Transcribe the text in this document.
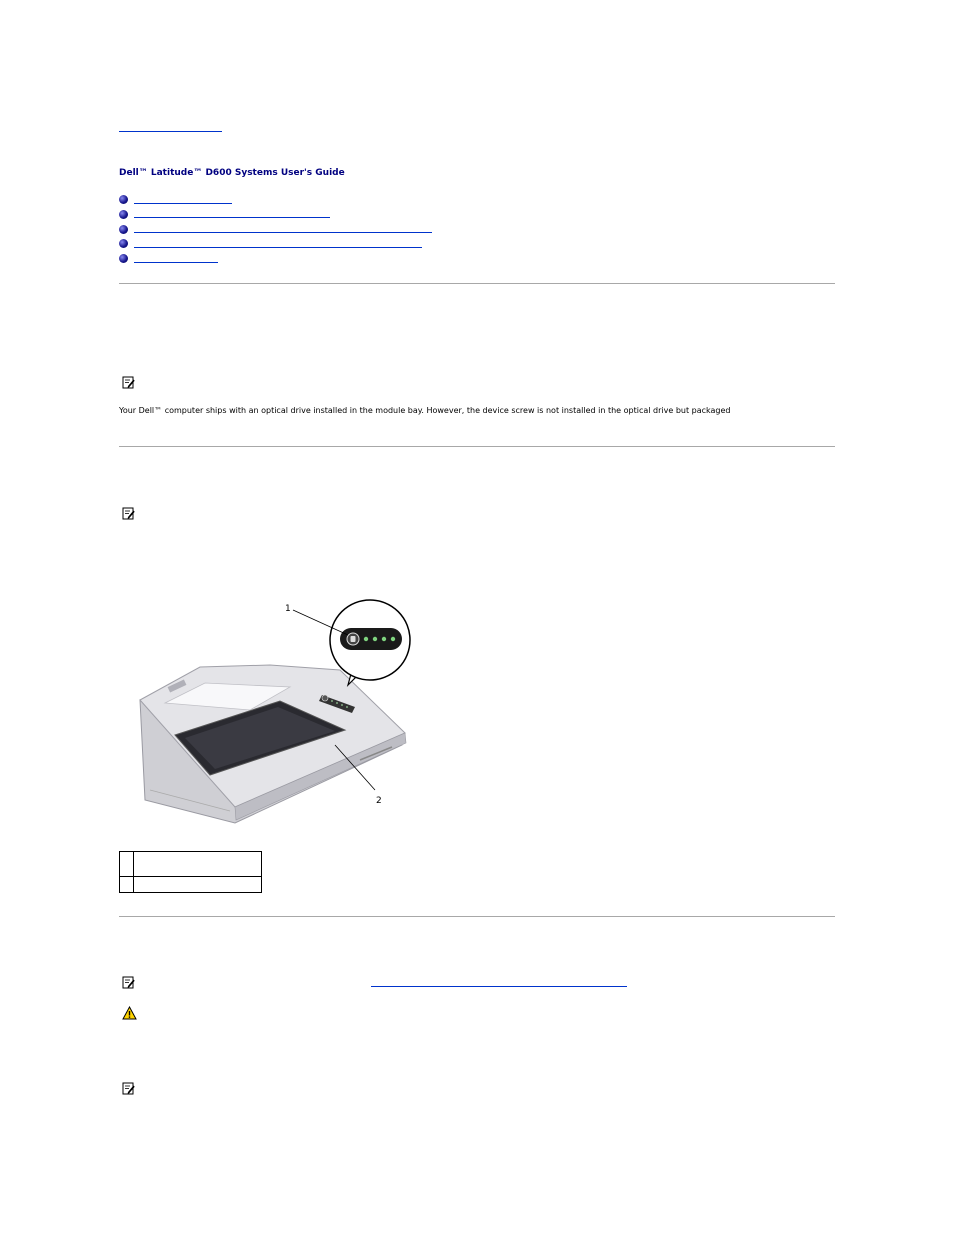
Dell™ Latitude™ D600 Systems User's Guide
Your Dell™ computer ships with an optical drive installed in the module bay. However, the device screw is not installed in the optical drive but packaged
1
2
